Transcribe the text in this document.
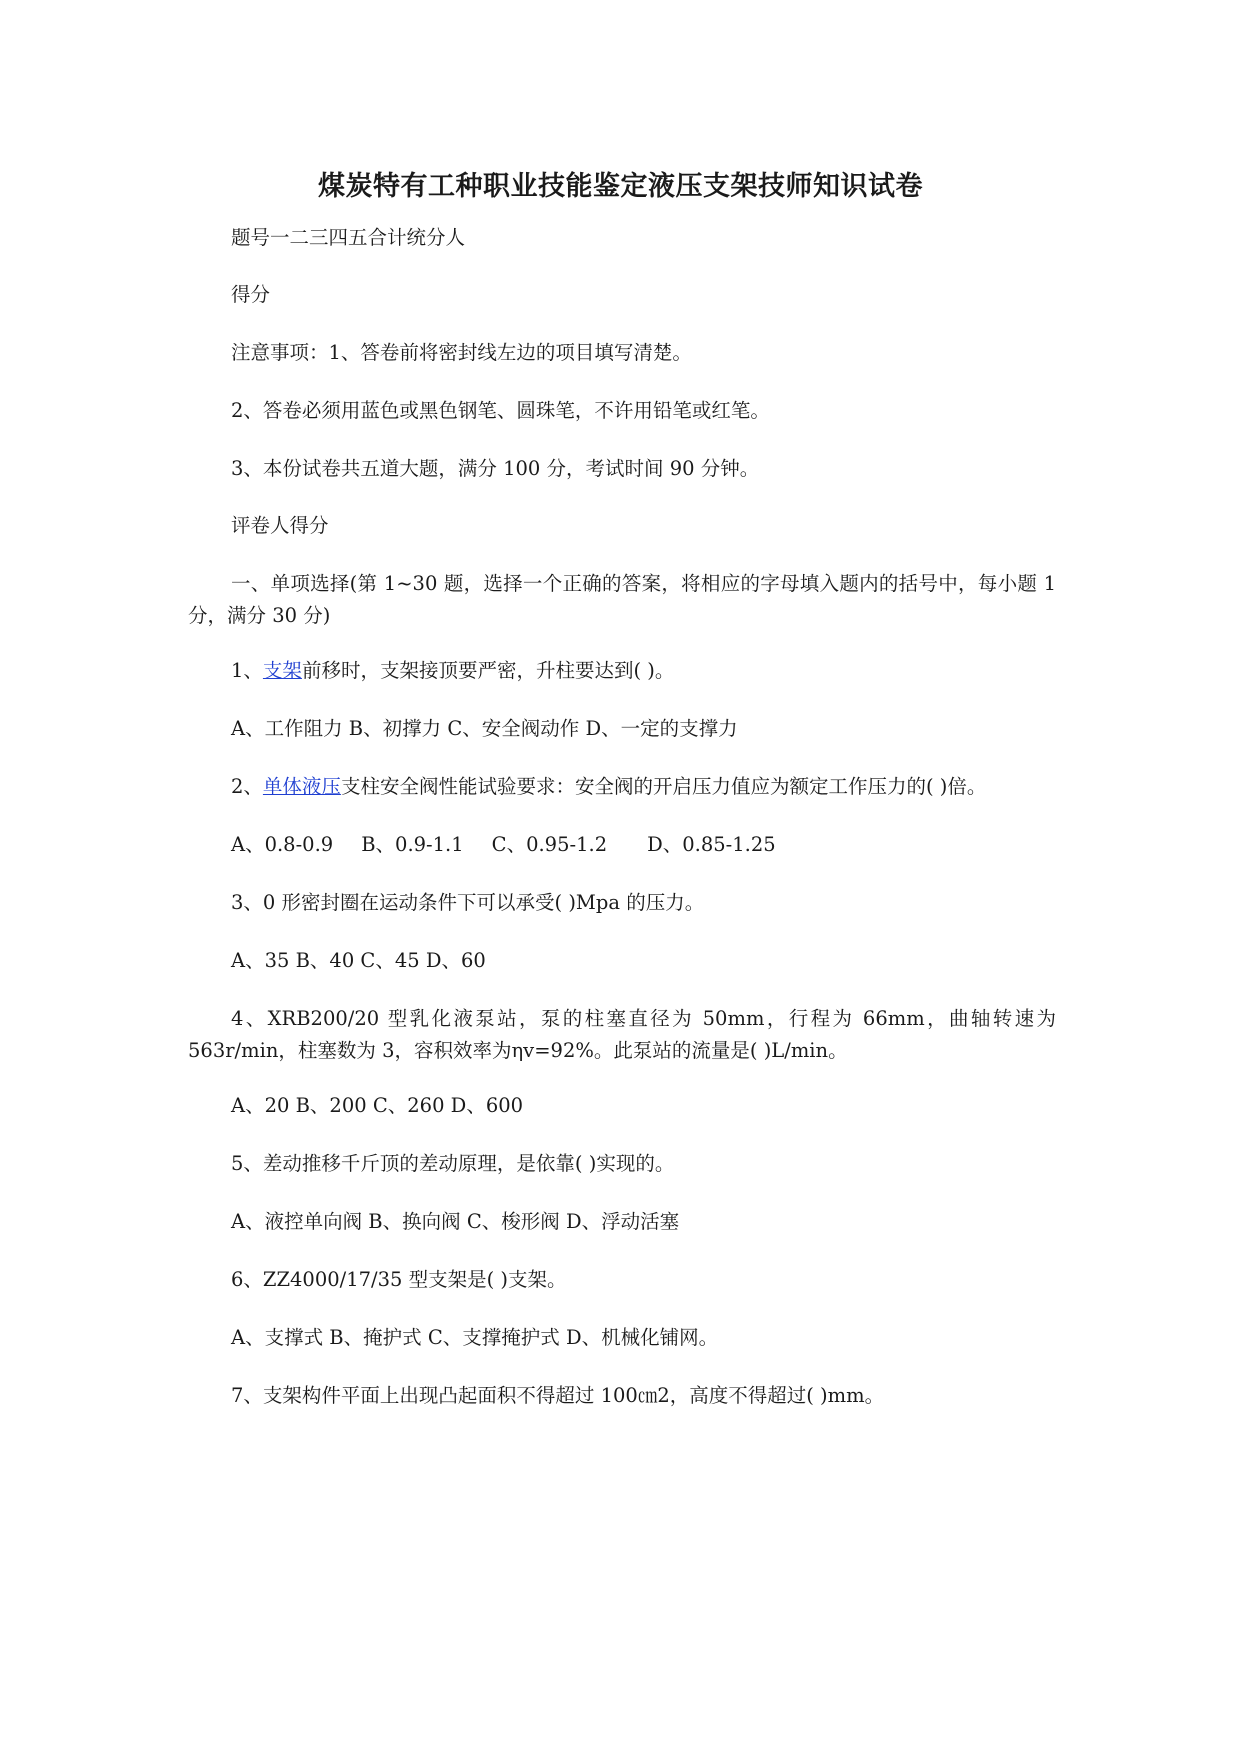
煤炭特有工种职业技能鉴定液压支架技师知识试卷

题号一二三四五合计统分人

得分

注意事项：1、答卷前将密封线左边的项目填写清楚。

2、答卷必须用蓝色或黑色钢笔、圆珠笔，不许用铅笔或红笔。

3、本份试卷共五道大题，满分 100 分，考试时间 90 分钟。

评卷人得分

一、单项选择(第 1~30 题，选择一个正确的答案，将相应的字母填入题内的括号中，每小题 1 分，满分 30 分)

1、支架前移时，支架接顶要严密，升柱要达到( )。

A、工作阻力 B、初撑力 C、安全阀动作 D、一定的支撑力

2、单体液压支柱安全阀性能试验要求：安全阀的开启压力值应为额定工作压力的( )倍。

A、0.8-0.9 B、0.9-1.1 C、0.95-1.2 D、0.85-1.25

3、0 形密封圈在运动条件下可以承受( )Mpa 的压力。

A、35 B、40 C、45 D、60

4、XRB200/20 型乳化液泵站，泵的柱塞直径为 50mm，行程为 66mm，曲轴转速为 563r/min，柱塞数为 3，容积效率为ηv=92%。此泵站的流量是( )L/min。

A、20 B、200 C、260 D、600

5、差动推移千斤顶的差动原理，是依靠( )实现的。

A、液控单向阀 B、换向阀 C、梭形阀 D、浮动活塞

6、ZZ4000/17/35 型支架是( )支架。

A、支撑式 B、掩护式 C、支撑掩护式 D、机械化铺网。

7、支架构件平面上出现凸起面积不得超过 100㎝2，高度不得超过( )mm。
